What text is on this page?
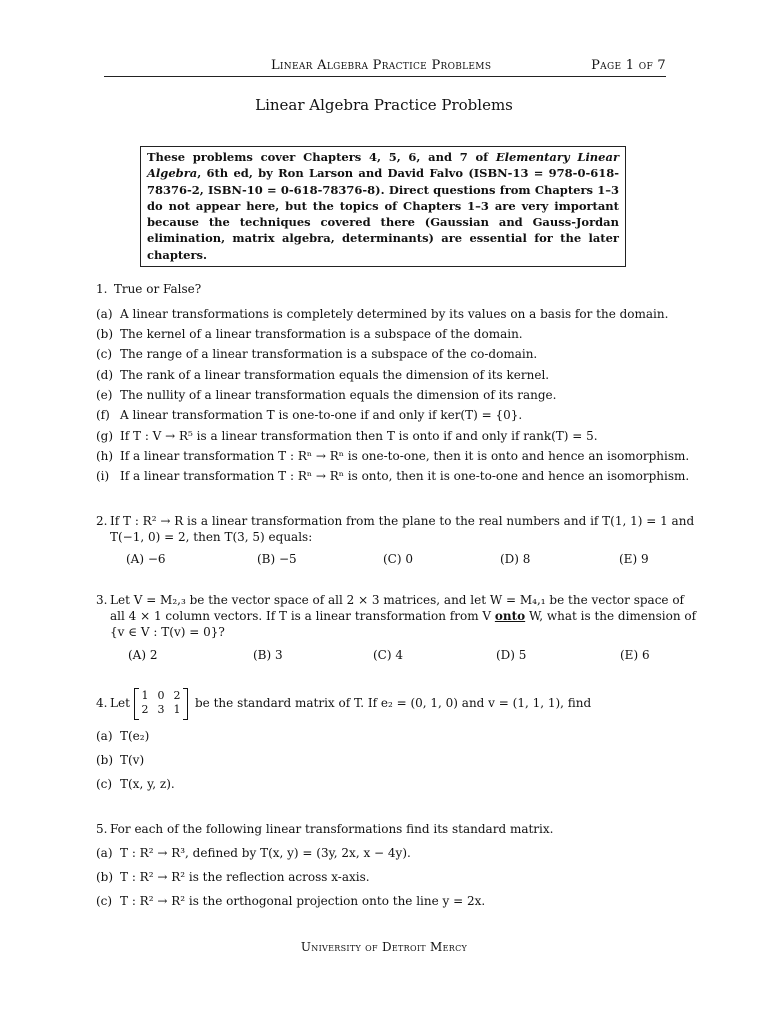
Linear Algebra Practice Problems	Page 1 of 7
Linear Algebra Practice Problems
These problems cover Chapters 4, 5, 6, and 7 of Elementary Linear Algebra, 6th ed, by Ron Larson and David Falvo (ISBN-13 = 978-0-618-78376-2, ISBN-10 = 0-618-78376-8). Direct questions from Chapters 1–3 do not appear here, but the topics of Chapters 1–3 are very important because the techniques covered there (Gaussian and Gauss-Jordan elimination, matrix algebra, determinants) are essential for the later chapters.
1. True or False?
(a) A linear transformations is completely determined by its values on a basis for the domain.
(b) The kernel of a linear transformation is a subspace of the domain.
(c) The range of a linear transformation is a subspace of the co-domain.
(d) The rank of a linear transformation equals the dimension of its kernel.
(e) The nullity of a linear transformation equals the dimension of its range.
(f) A linear transformation T is one-to-one if and only if ker(T) = {0}.
(g) If T : V → R⁵ is a linear transformation then T is onto if and only if rank(T) = 5.
(h) If a linear transformation T : Rⁿ → Rⁿ is one-to-one, then it is onto and hence an isomorphism.
(i) If a linear transformation T : Rⁿ → Rⁿ is onto, then it is one-to-one and hence an isomorphism.
2. If T : R² → R is a linear transformation from the plane to the real numbers and if T(1, 1) = 1 and
T(−1, 0) = 2, then T(3, 5) equals:
(A) −6	(B) −5	(C) 0	(D) 8	(E) 9
3. Let V = M₂,₃ be the vector space of all 2 × 3 matrices, and let W = M₄,₁ be the vector space of
all 4 × 1 column vectors. If T is a linear transformation from V onto W, what is the dimension of
{v ∈ V : T(v) = 0}?
(A) 2	(B) 3	(C) 4	(D) 5	(E) 6
4. Let
1 0 2
2 3 1 be the standard matrix of T. If e₂ = (0, 1, 0) and v = (1, 1, 1), find
(a) T(e₂)
(b) T(v)
(c) T(x, y, z).
5. For each of the following linear transformations find its standard matrix.
(a) T : R² → R³, defined by T(x, y) = (3y, 2x, x − 4y).
(b) T : R² → R² is the reflection across x-axis.
(c) T : R² → R² is the orthogonal projection onto the line y = 2x.
University of Detroit Mercy
